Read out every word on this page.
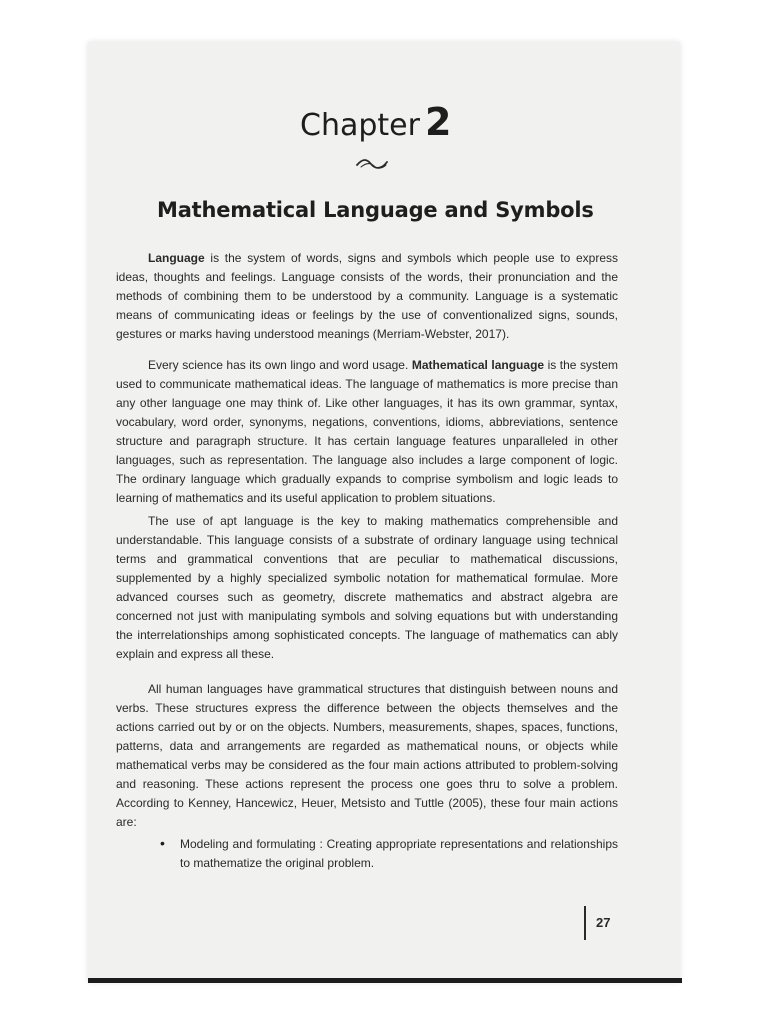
Chapter 2
Mathematical Language and Symbols

Language is the system of words, signs and symbols which people use to express ideas, thoughts and feelings. Language consists of the words, their pronunciation and the methods of combining them to be understood by a community. Language is a systematic means of communicating ideas or feelings by the use of conventionalized signs, sounds, gestures or marks having understood meanings (Merriam-Webster, 2017).

Every science has its own lingo and word usage. Mathematical language is the system used to communicate mathematical ideas. The language of mathematics is more precise than any other language one may think of. Like other languages, it has its own grammar, syntax, vocabulary, word order, synonyms, negations, conventions, idioms, abbreviations, sentence structure and paragraph structure. It has certain language features unparalleled in other languages, such as representation. The language also includes a large component of logic. The ordinary language which gradually expands to comprise symbolism and logic leads to learning of mathematics and its useful application to problem situations.

The use of apt language is the key to making mathematics comprehensible and understandable. This language consists of a substrate of ordinary language using technical terms and grammatical conventions that are peculiar to mathematical discussions, supplemented by a highly specialized symbolic notation for mathematical formulae. More advanced courses such as geometry, discrete mathematics and abstract algebra are concerned not just with manipulating symbols and solving equations but with understanding the interrelationships among sophisticated concepts. The language of mathematics can ably explain and express all these.

All human languages have grammatical structures that distinguish between nouns and verbs. These structures express the difference between the objects themselves and the actions carried out by or on the objects. Numbers, measurements, shapes, spaces, functions, patterns, data and arrangements are regarded as mathematical nouns, or objects while mathematical verbs may be considered as the four main actions attributed to problem-solving and reasoning. These actions represent the process one goes thru to solve a problem. According to Kenney, Hancewicz, Heuer, Metsisto and Tuttle (2005), these four main actions are:

• Modeling and formulating : Creating appropriate representations and relationships to mathematize the original problem.

27
